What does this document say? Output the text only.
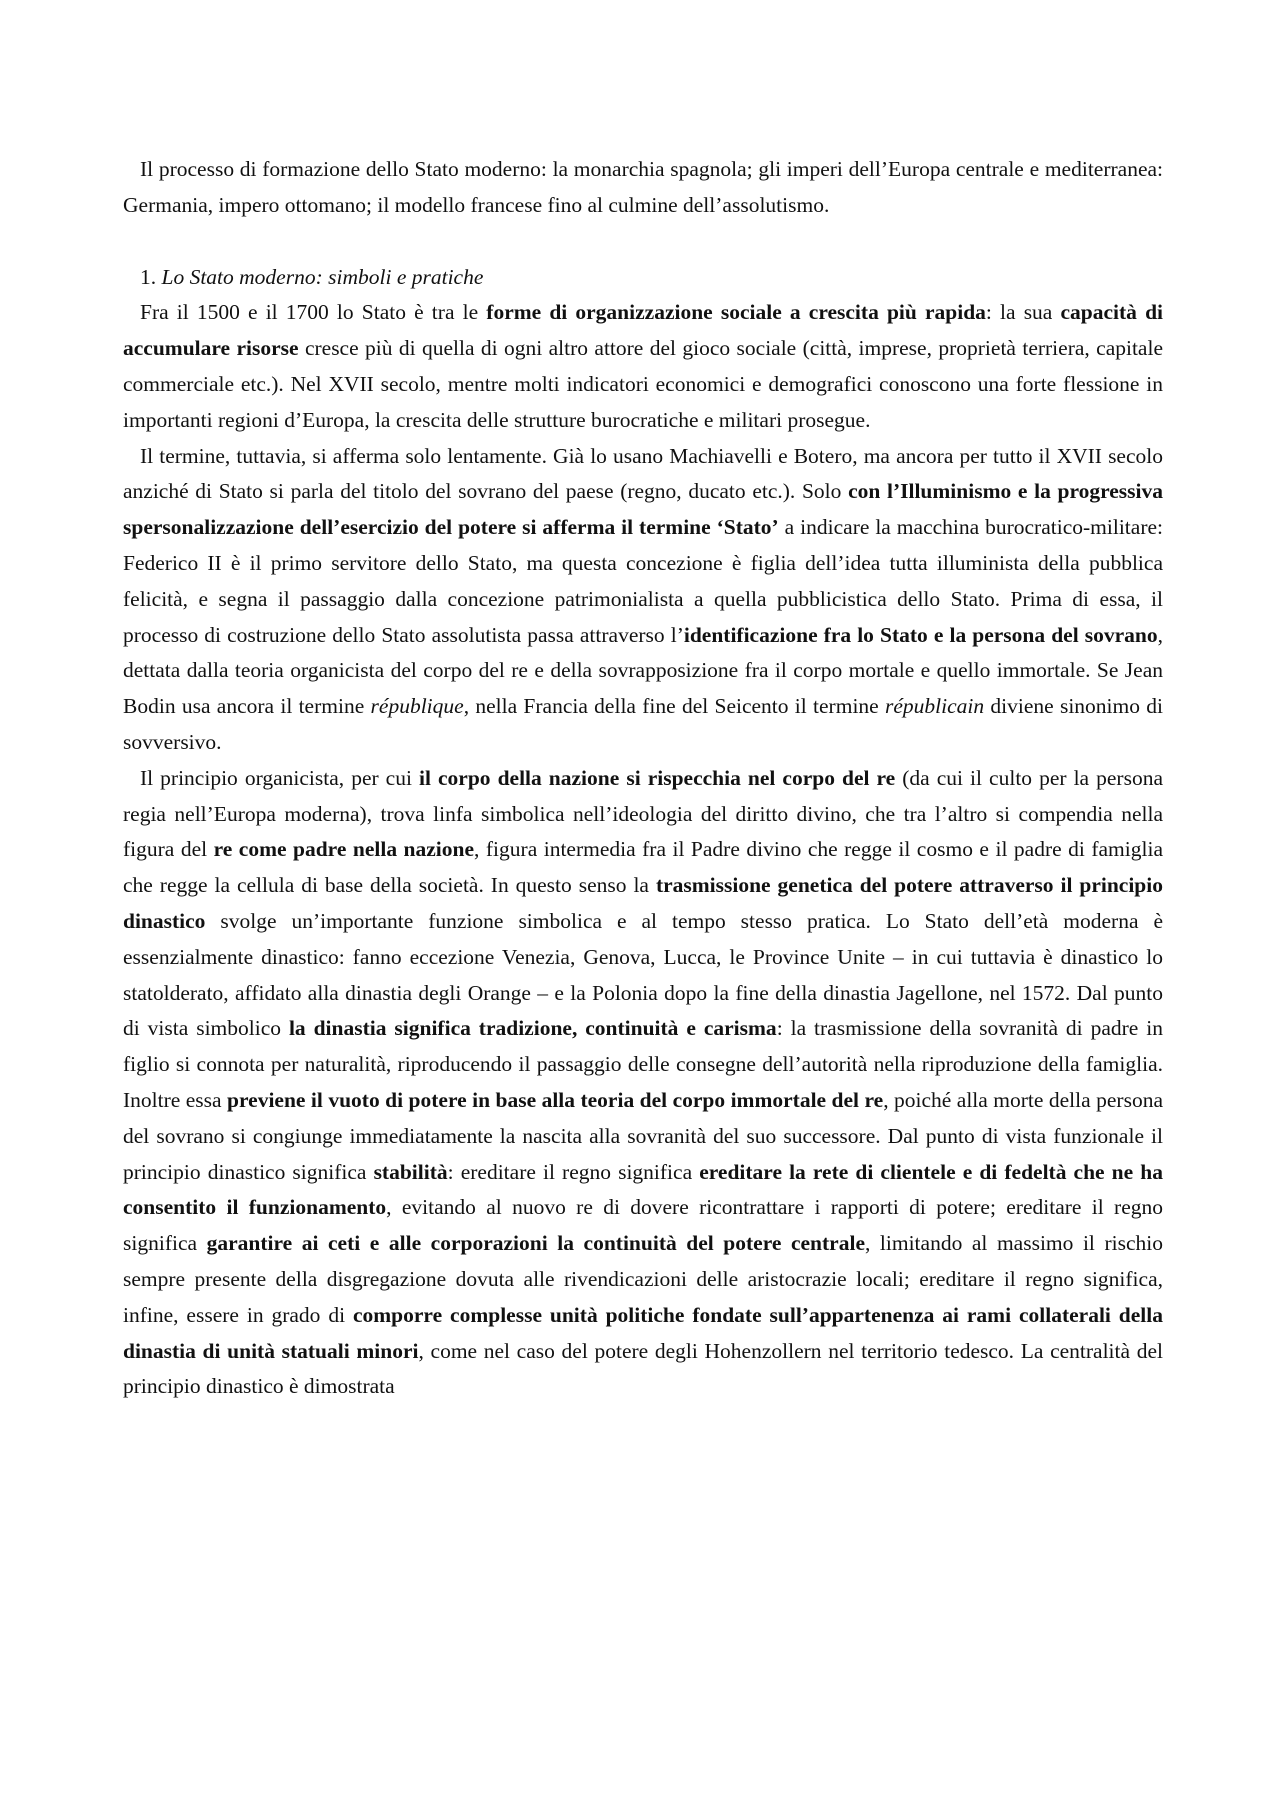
Il processo di formazione dello Stato moderno: la monarchia spagnola; gli imperi dell’Europa centrale e mediterranea: Germania, impero ottomano; il modello francese fino al culmine dell’assolutismo.

1. Lo Stato moderno: simboli e pratiche

Fra il 1500 e il 1700 lo Stato è tra le forme di organizzazione sociale a crescita più rapida: la sua capacità di accumulare risorse cresce più di quella di ogni altro attore del gioco sociale (città, imprese, proprietà terriera, capitale commerciale etc.). Nel XVII secolo, mentre molti indicatori economici e demografici conoscono una forte flessione in importanti regioni d’Europa, la crescita delle strutture burocratiche e militari prosegue.

Il termine, tuttavia, si afferma solo lentamente. Già lo usano Machiavelli e Botero, ma ancora per tutto il XVII secolo anziché di Stato si parla del titolo del sovrano del paese (regno, ducato etc.). Solo con l’Illuminismo e la progressiva spersonalizzazione dell’esercizio del potere si afferma il termine ‘Stato’ a indicare la macchina burocratico-militare: Federico II è il primo servitore dello Stato, ma questa concezione è figlia dell’idea tutta illuminista della pubblica felicità, e segna il passaggio dalla concezione patrimonialista a quella pubblicistica dello Stato. Prima di essa, il processo di costruzione dello Stato assolutista passa attraverso l’identificazione fra lo Stato e la persona del sovrano, dettata dalla teoria organicista del corpo del re e della sovrapposizione fra il corpo mortale e quello immortale. Se Jean Bodin usa ancora il termine république, nella Francia della fine del Seicento il termine républicain diviene sinonimo di sovversivo.

Il principio organicista, per cui il corpo della nazione si rispecchia nel corpo del re (da cui il culto per la persona regia nell’Europa moderna), trova linfa simbolica nell’ideologia del diritto divino, che tra l’altro si compendia nella figura del re come padre nella nazione, figura intermedia fra il Padre divino che regge il cosmo e il padre di famiglia che regge la cellula di base della società. In questo senso la trasmissione genetica del potere attraverso il principio dinastico svolge un’importante funzione simbolica e al tempo stesso pratica. Lo Stato dell’età moderna è essenzialmente dinastico: fanno eccezione Venezia, Genova, Lucca, le Province Unite – in cui tuttavia è dinastico lo statolderato, affidato alla dinastia degli Orange – e la Polonia dopo la fine della dinastia Jagellone, nel 1572. Dal punto di vista simbolico la dinastia significa tradizione, continuità e carisma: la trasmissione della sovranità di padre in figlio si connota per naturalità, riproducendo il passaggio delle consegne dell’autorità nella riproduzione della famiglia. Inoltre essa previene il vuoto di potere in base alla teoria del corpo immortale del re, poiché alla morte della persona del sovrano si congiunge immediatamente la nascita alla sovranità del suo successore. Dal punto di vista funzionale il principio dinastico significa stabilità: ereditare il regno significa ereditare la rete di clientele e di fedeltà che ne ha consentito il funzionamento, evitando al nuovo re di dovere ricontrattare i rapporti di potere; ereditare il regno significa garantire ai ceti e alle corporazioni la continuità del potere centrale, limitando al massimo il rischio sempre presente della disgregazione dovuta alle rivendicazioni delle aristocrazie locali; ereditare il regno significa, infine, essere in grado di comporre complesse unità politiche fondate sull’appartenenza ai rami collaterali della dinastia di unità statuali minori, come nel caso del potere degli Hohenzollern nel territorio tedesco. La centralità del principio dinastico è dimostrata
